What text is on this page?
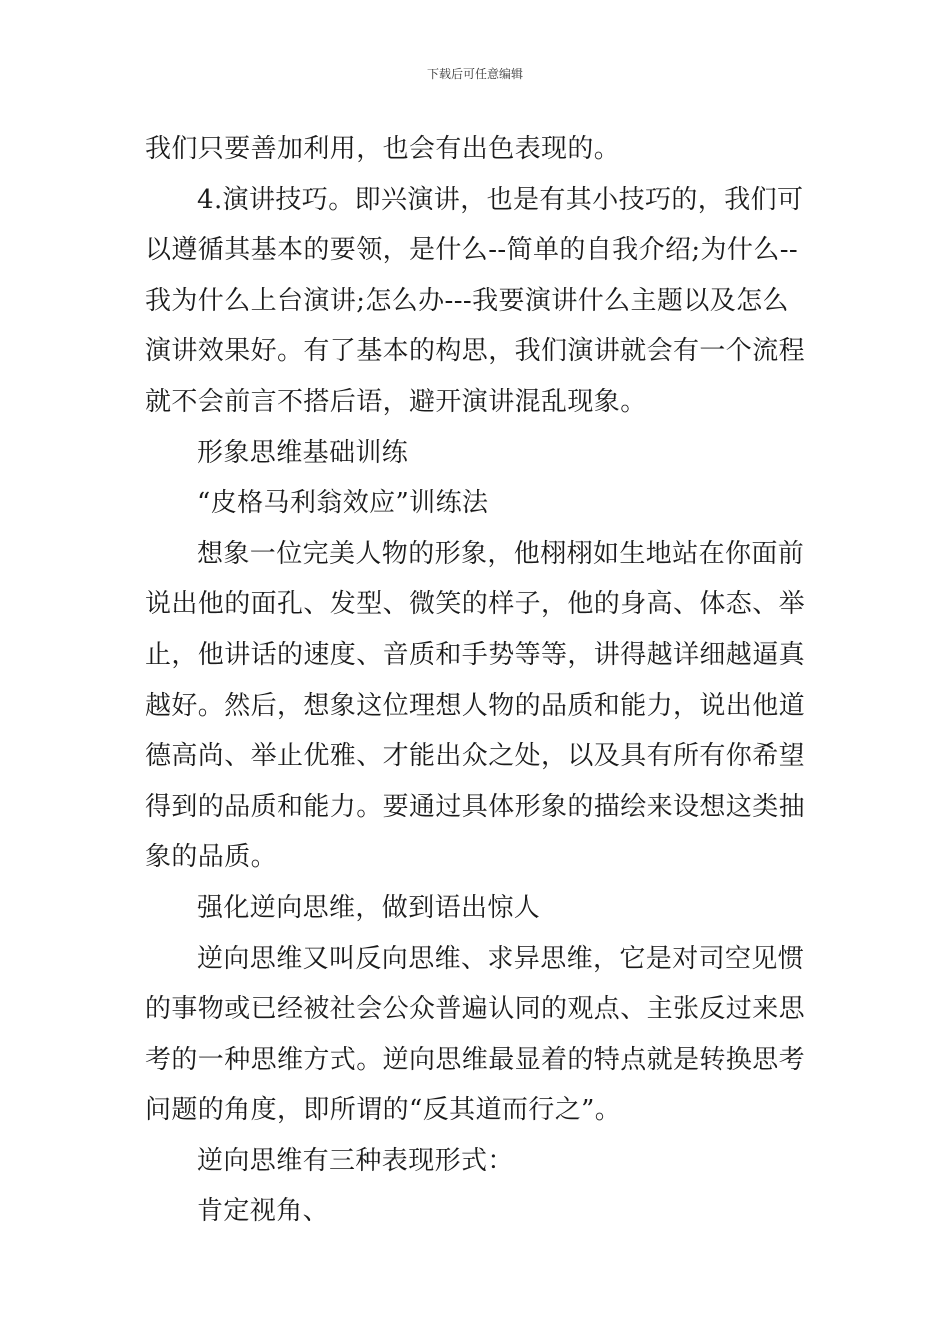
下载后可任意编辑
我们只要善加利用，也会有出色表现的。
4.演讲技巧。即兴演讲，也是有其小技巧的，我们可
以遵循其基本的要领，是什么--简单的自我介绍;为什么--
我为什么上台演讲;怎么办---我要演讲什么主题以及怎么
演讲效果好。有了基本的构思，我们演讲就会有一个流程
就不会前言不搭后语，避开演讲混乱现象。
形象思维基础训练
“皮格马利翁效应”训练法
想象一位完美人物的形象，他栩栩如生地站在你面前
说出他的面孔、发型、微笑的样子，他的身高、体态、举
止，他讲话的速度、音质和手势等等，讲得越详细越逼真
越好。然后，想象这位理想人物的品质和能力，说出他道
德高尚、举止优雅、才能出众之处，以及具有所有你希望
得到的品质和能力。要通过具体形象的描绘来设想这类抽
象的品质。
强化逆向思维，做到语出惊人
逆向思维又叫反向思维、求异思维，它是对司空见惯
的事物或已经被社会公众普遍认同的观点、主张反过来思
考的一种思维方式。逆向思维最显着的特点就是转换思考
问题的角度，即所谓的“反其道而行之”。
逆向思维有三种表现形式：
肯定视角、
